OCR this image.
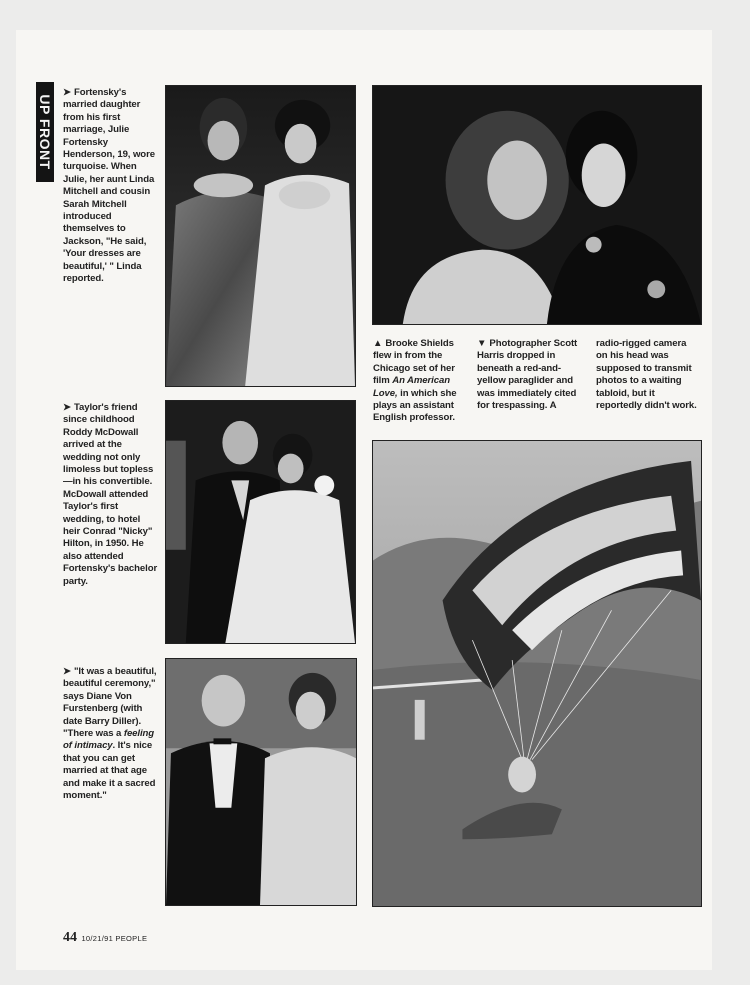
UP FRONT
➤ Fortensky's married daughter from his first marriage, Julie Fortensky Henderson, 19, wore turquoise. When Julie, her aunt Linda Mitchell and cousin Sarah Mitchell introduced themselves to Jackson, "He said, 'Your dresses are beautiful,' " Linda reported.
➤ Taylor's friend since childhood Roddy McDowall arrived at the wedding not only limoless but topless—in his convertible. McDowall attended Taylor's first wedding, to hotel heir Conrad "Nicky" Hilton, in 1950. He also attended Fortensky's bachelor party.
➤ "It was a beautiful, beautiful ceremony," says Diane Von Furstenberg (with date Barry Diller). "There was a feeling of intimacy. It's nice that you can get married at that age and make it a sacred moment."
▲ Brooke Shields flew in from the Chicago set of her film An American Love, in which she plays an assistant English professor.
▼ Photographer Scott Harris dropped in beneath a red-and-yellow paraglider and was immediately cited for trespassing. A radio-rigged camera on his head was supposed to transmit photos to a waiting tabloid, but it reportedly didn't work.
44 10/21/91 PEOPLE
